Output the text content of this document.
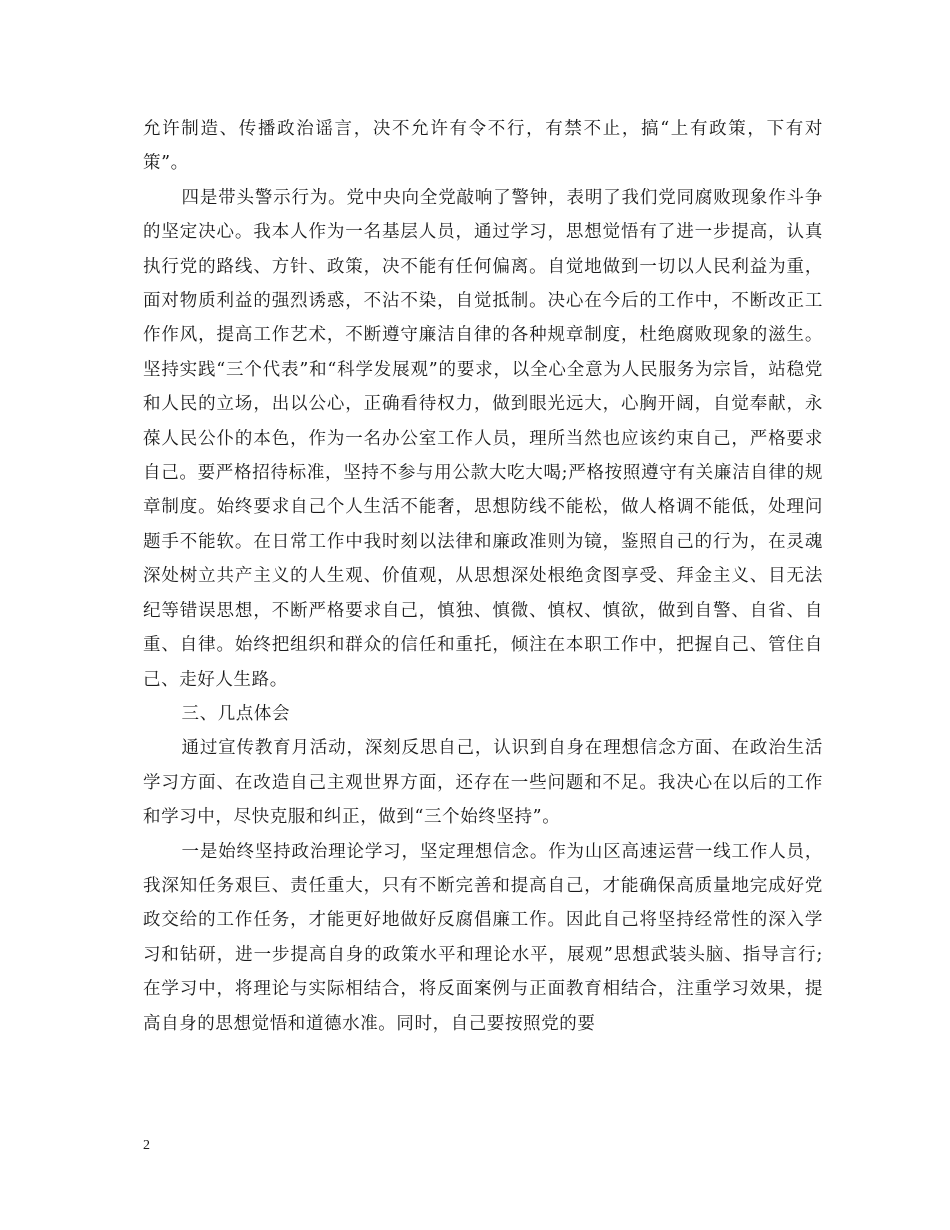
允许制造、传播政治谣言，决不允许有令不行，有禁不止，搞“上有政策，下有对策”。

四是带头警示行为。党中央向全党敲响了警钟，表明了我们党同腐败现象作斗争的坚定决心。我本人作为一名基层人员，通过学习，思想觉悟有了进一步提高，认真执行党的路线、方针、政策，决不能有任何偏离。自觉地做到一切以人民利益为重，面对物质利益的强烈诱惑，不沾不染，自觉抵制。决心在今后的工作中，不断改正工作作风，提高工作艺术，不断遵守廉洁自律的各种规章制度，杜绝腐败现象的滋生。坚持实践“三个代表”和“科学发展观”的要求，以全心全意为人民服务为宗旨，站稳党和人民的立场，出以公心，正确看待权力，做到眼光远大，心胸开阔，自觉奉献，永葆人民公仆的本色，作为一名办公室工作人员，理所当然也应该约束自己，严格要求自己。要严格招待标准，坚持不参与用公款大吃大喝;严格按照遵守有关廉洁自律的规章制度。始终要求自己个人生活不能奢，思想防线不能松，做人格调不能低，处理问题手不能软。在日常工作中我时刻以法律和廉政准则为镜，鉴照自己的行为，在灵魂深处树立共产主义的人生观、价值观，从思想深处根绝贪图享受、拜金主义、目无法纪等错误思想，不断严格要求自己，慎独、慎微、慎权、慎欲，做到自警、自省、自重、自律。始终把组织和群众的信任和重托，倾注在本职工作中，把握自己、管住自己、走好人生路。

三、几点体会

通过宣传教育月活动，深刻反思自己，认识到自身在理想信念方面、在政治生活学习方面、在改造自己主观世界方面，还存在一些问题和不足。我决心在以后的工作和学习中，尽快克服和纠正，做到“三个始终坚持”。

一是始终坚持政治理论学习，坚定理想信念。作为山区高速运营一线工作人员，我深知任务艰巨、责任重大，只有不断完善和提高自己，才能确保高质量地完成好党政交给的工作任务，才能更好地做好反腐倡廉工作。因此自己将坚持经常性的深入学习和钻研，进一步提高自身的政策水平和理论水平，展观”思想武装头脑、指导言行;在学习中，将理论与实际相结合，将反面案例与正面教育相结合，注重学习效果，提高自身的思想觉悟和道德水准。同时，自己要按照党的要

2
